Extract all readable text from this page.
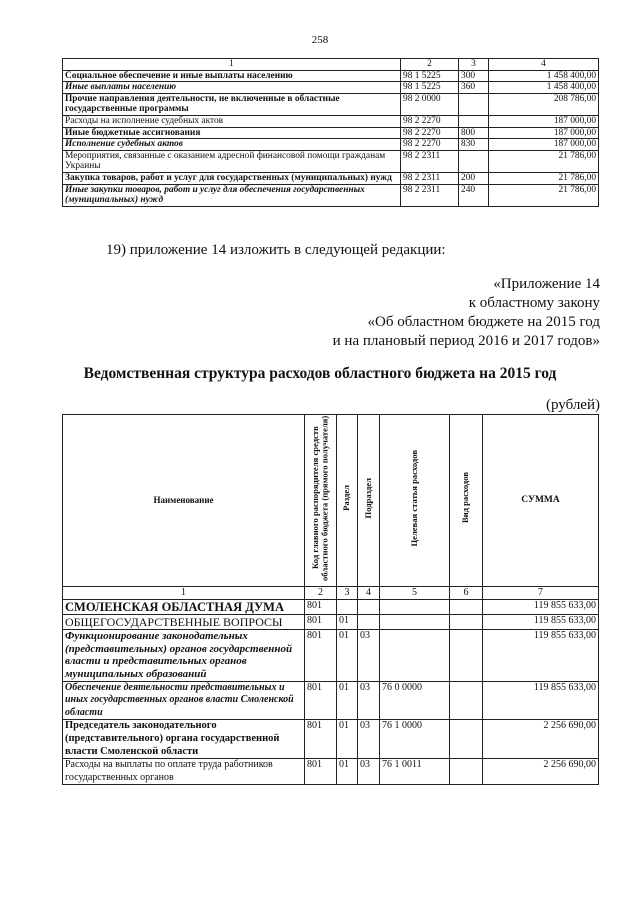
258
1	2	3	4
Социальное обеспечение и иные выплаты населению	98 1 5225	300	1 458 400,00
Иные выплаты населению	98 1 5225	360	1 458 400,00
Прочие направления деятельности, не включенные в областные государственные программы	98 2 0000		208 786,00
Расходы на исполнение судебных актов	98 2 2270		187 000,00
Иные бюджетные ассигнования	98 2 2270	800	187 000,00
Исполнение судебных актов	98 2 2270	830	187 000,00
Мероприятия, связанные с оказанием адресной финансовой помощи гражданам Украины	98 2 2311		21 786,00
Закупка товаров, работ и услуг для государственных (муниципальных) нужд	98 2 2311	200	21 786,00
Иные закупки товаров, работ и услуг для обеспечения государственных (муниципальных) нужд	98 2 2311	240	21 786,00
19) приложение 14 изложить в следующей редакции:
«Приложение 14
к областному закону
«Об областном бюджете на 2015 год
и на плановый период 2016 и 2017 годов»
Ведомственная структура расходов областного бюджета на 2015 год
(рублей)
Наименование	Код главного распорядителя средств областного бюджета (прямого получателя)	Раздел	Подраздел	Целевая статья расходов	Вид расходов	СУММА
1	2	3	4	5	6	7
СМОЛЕНСКАЯ ОБЛАСТНАЯ ДУМА	801					119 855 633,00
ОБЩЕГОСУДАРСТВЕННЫЕ ВОПРОСЫ	801	01				119 855 633,00
Функционирование законодательных (представительных) органов государственной власти и представительных органов муниципальных образований	801	01	03			119 855 633,00
Обеспечение деятельности представительных и иных государственных органов власти Смоленской области	801	01	03	76 0 0000		119 855 633,00
Председатель законодательного (представительного) органа государственной власти Смоленской области	801	01	03	76 1 0000		2 256 690,00
Расходы на выплаты по оплате труда работников государственных органов	801	01	03	76 1 0011		2 256 690,00
